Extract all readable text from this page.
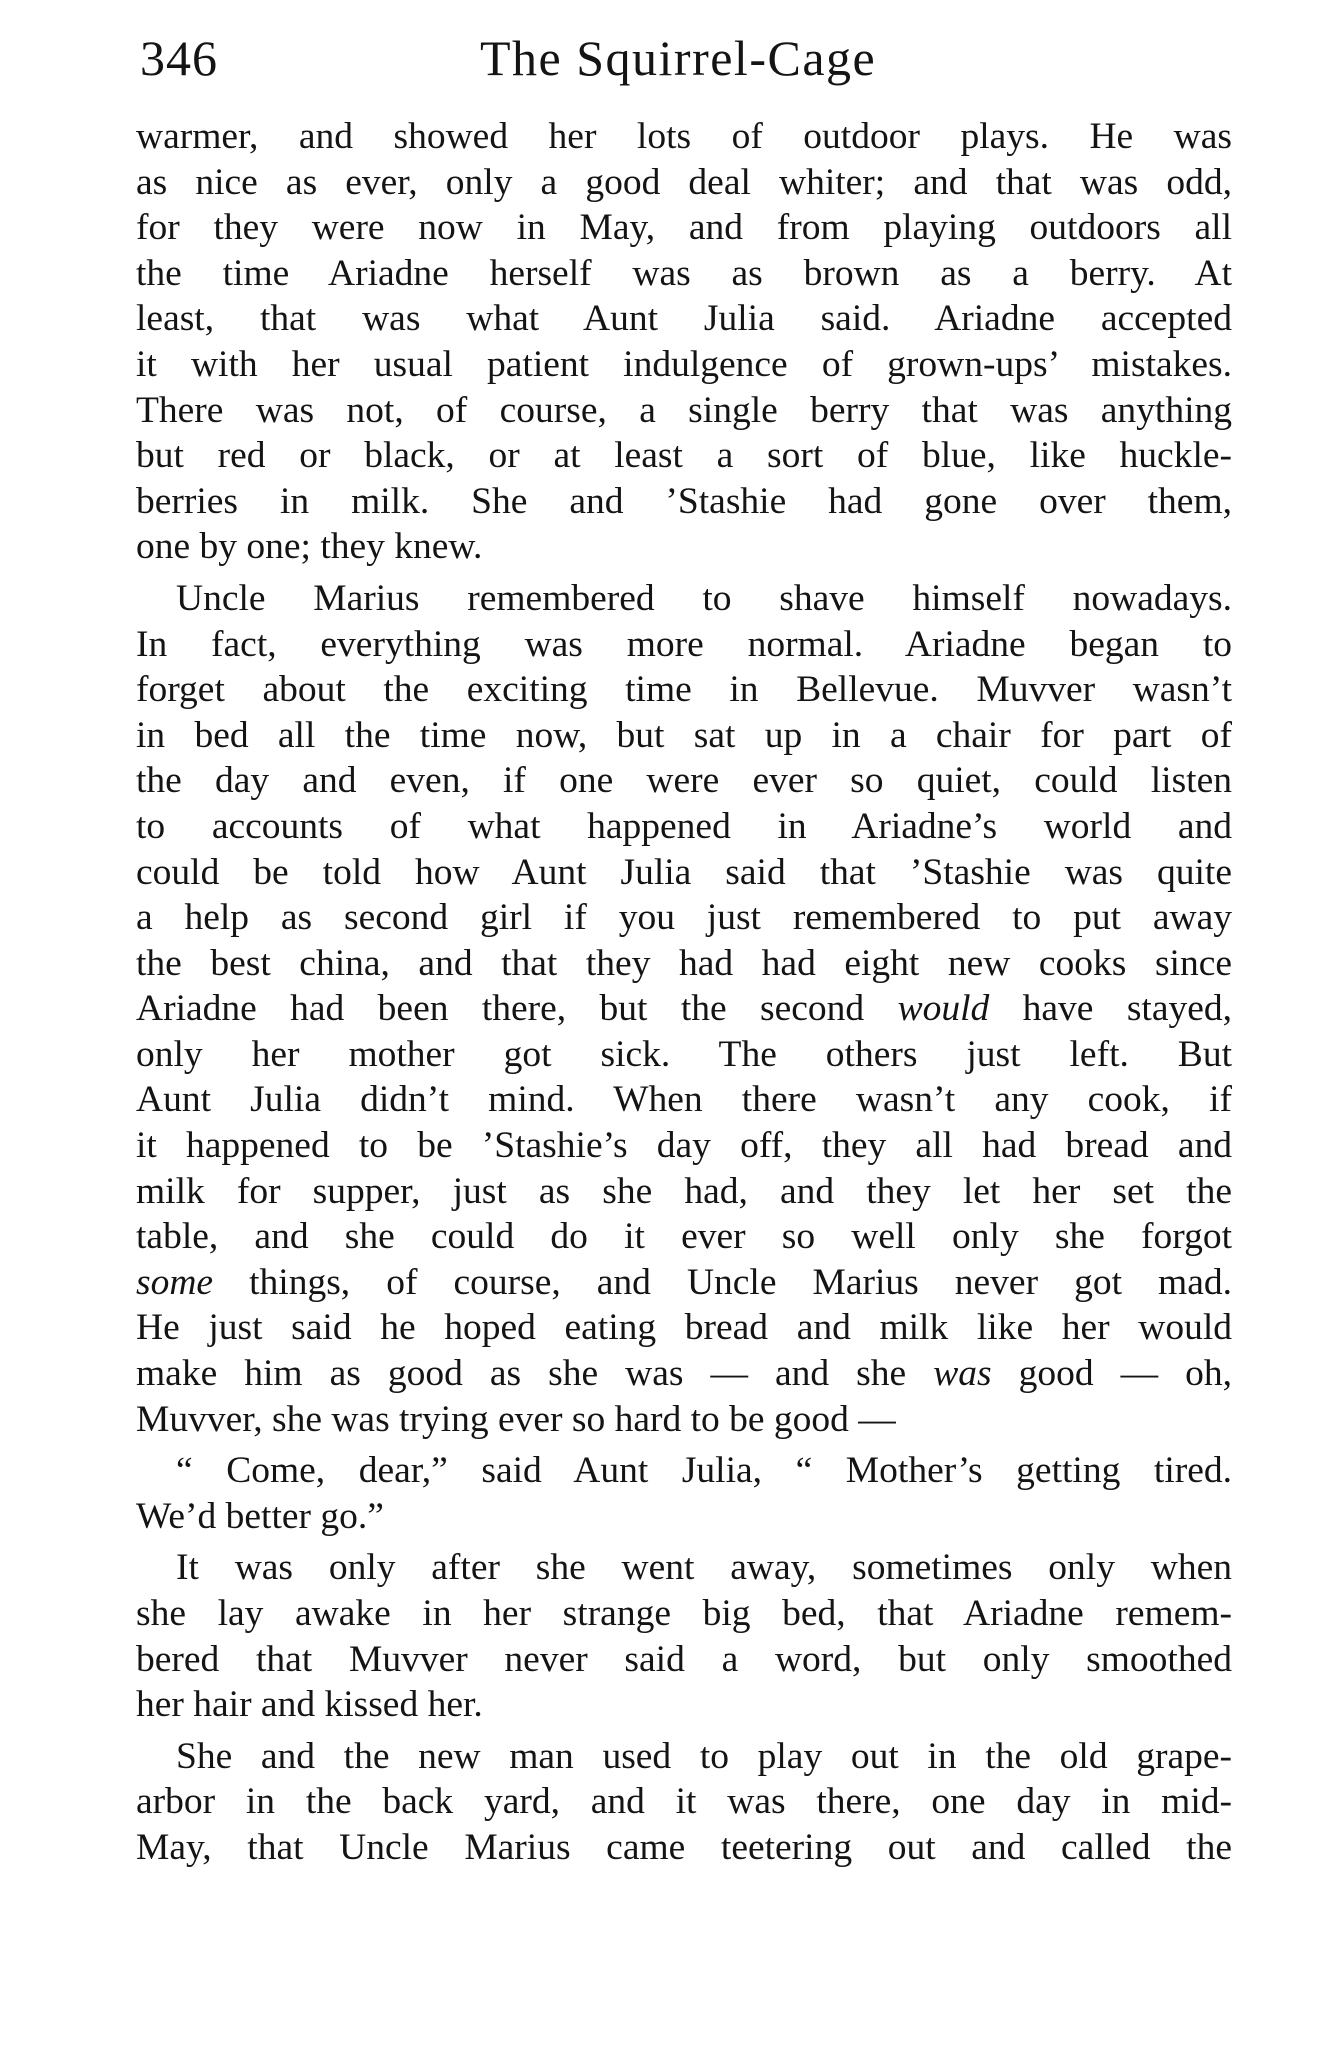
346	The Squirrel-Cage
warmer, and showed her lots of outdoor plays. He was
as nice as ever, only a good deal whiter; and that was odd,
for they were now in May, and from playing outdoors all
the time Ariadne herself was as brown as a berry. At
least, that was what Aunt Julia said. Ariadne accepted
it with her usual patient indulgence of grown-ups’ mistakes.
There was not, of course, a single berry that was anything
but red or black, or at least a sort of blue, like huckle-
berries in milk. She and ’Stashie had gone over them,
one by one; they knew.
Uncle Marius remembered to shave himself nowadays.
In fact, everything was more normal. Ariadne began to
forget about the exciting time in Bellevue. Muvver wasn’t
in bed all the time now, but sat up in a chair for part of
the day and even, if one were ever so quiet, could listen
to accounts of what happened in Ariadne’s world and
could be told how Aunt Julia said that ’Stashie was quite
a help as second girl if you just remembered to put away
the best china, and that they had had eight new cooks since
Ariadne had been there, but the second would have stayed,
only her mother got sick. The others just left. But
Aunt Julia didn’t mind. When there wasn’t any cook, if
it happened to be ’Stashie’s day off, they all had bread and
milk for supper, just as she had, and they let her set the
table, and she could do it ever so well only she forgot
some things, of course, and Uncle Marius never got mad.
He just said he hoped eating bread and milk like her would
make him as good as she was — and she was good — oh,
Muvver, she was trying ever so hard to be good —
“ Come, dear,” said Aunt Julia, “ Mother’s getting tired.
We’d better go.”
It was only after she went away, sometimes only when
she lay awake in her strange big bed, that Ariadne remem-
bered that Muvver never said a word, but only smoothed
her hair and kissed her.
She and the new man used to play out in the old grape-
arbor in the back yard, and it was there, one day in mid-
May, that Uncle Marius came teetering out and called the
